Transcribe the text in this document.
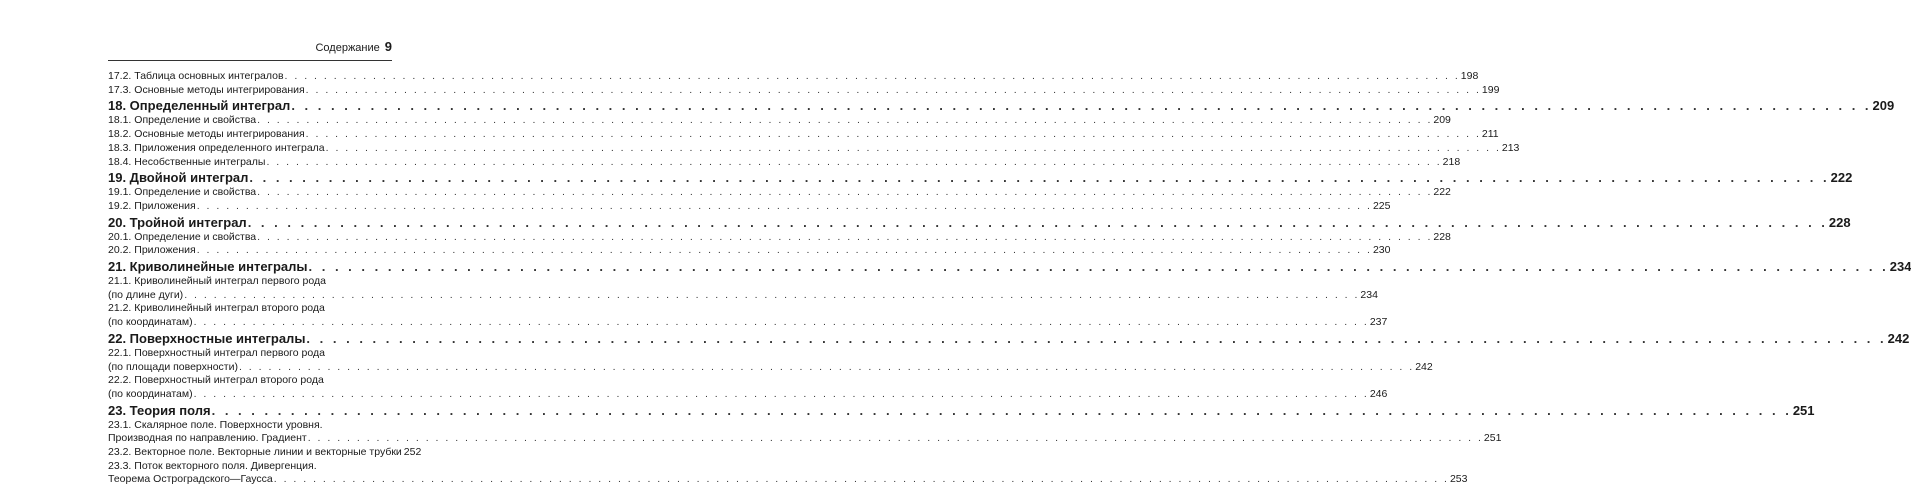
Содержание 9
17.2. Таблица основных интегралов . . . . . . . . . . . . . . . . . . . . . . . . . . . . . . . . . . . . . . . . . . . . . . . . . . . . . . . . . . . . . . . . . . . . . . . . . . . . . . . . . . . . . . . . . . . . . . . . . . . . . . . . . . . . . . . . . . . . . . . . 198
17.3. Основные методы интегрирования . . . . . . . . . . . . . . . . . . . . . . . . . . . . . . . . . . . . . . . . . . . . . . . . . . . . . . . . . . . . . . . . . . . . . . . . . . . . . . . . . . . . . . . . . . . . . . . . . . . . . . . . . . . . . . . . . . . . . . . . 199
18. Определенный интеграл . . . . . . . . . . . . . . . . . . . . . . . . . . . . . . . . . . . . . . . . . . . . . . . . . . . . . . . . . . . . . . . . . . . . . . . . . . . . . . . . . . . . . . . . . . . . . . . . . . . . . . . . . . . . . . . . . . . . . . . . 209
18.1. Определение и свойства . . . . . . . . . . . . . . . . . . . . . . . . . . . . . . . . . . . . . . . . . . . . . . . . . . . . . . . . . . . . . . . . . . . . . . . . . . . . . . . . . . . . . . . . . . . . . . . . . . . . . . . . . . . . . . . . . . . . . . . . 209
18.2. Основные методы интегрирования . . . . . . . . . . . . . . . . . . . . . . . . . . . . . . . . . . . . . . . . . . . . . . . . . . . . . . . . . . . . . . . . . . . . . . . . . . . . . . . . . . . . . . . . . . . . . . . . . . . . . . . . . . . . . . . . . . . . . . . . 211
18.3. Приложения определенного интеграла . . . . . . . . . . . . . . . . . . . . . . . . . . . . . . . . . . . . . . . . . . . . . . . . . . . . . . . . . . . . . . . . . . . . . . . . . . . . . . . . . . . . . . . . . . . . . . . . . . . . . . . . . . . . . . . . . . . . . . . . 213
18.4. Несобственные интегралы . . . . . . . . . . . . . . . . . . . . . . . . . . . . . . . . . . . . . . . . . . . . . . . . . . . . . . . . . . . . . . . . . . . . . . . . . . . . . . . . . . . . . . . . . . . . . . . . . . . . . . . . . . . . . . . . . . . . . . . . 218
19. Двойной интеграл . . . . . . . . . . . . . . . . . . . . . . . . . . . . . . . . . . . . . . . . . . . . . . . . . . . . . . . . . . . . . . . . . . . . . . . . . . . . . . . . . . . . . . . . . . . . . . . . . . . . . . . . . . . . . . . . . . . . . . . . 222
19.1. Определение и свойства . . . . . . . . . . . . . . . . . . . . . . . . . . . . . . . . . . . . . . . . . . . . . . . . . . . . . . . . . . . . . . . . . . . . . . . . . . . . . . . . . . . . . . . . . . . . . . . . . . . . . . . . . . . . . . . . . . . . . . . . 222
19.2. Приложения . . . . . . . . . . . . . . . . . . . . . . . . . . . . . . . . . . . . . . . . . . . . . . . . . . . . . . . . . . . . . . . . . . . . . . . . . . . . . . . . . . . . . . . . . . . . . . . . . . . . . . . . . . . . . . . . . . . . . . . . 225
20. Тройной интеграл . . . . . . . . . . . . . . . . . . . . . . . . . . . . . . . . . . . . . . . . . . . . . . . . . . . . . . . . . . . . . . . . . . . . . . . . . . . . . . . . . . . . . . . . . . . . . . . . . . . . . . . . . . . . . . . . . . . . . . . . 228
20.1. Определение и свойства . . . . . . . . . . . . . . . . . . . . . . . . . . . . . . . . . . . . . . . . . . . . . . . . . . . . . . . . . . . . . . . . . . . . . . . . . . . . . . . . . . . . . . . . . . . . . . . . . . . . . . . . . . . . . . . . . . . . . . . . 228
20.2. Приложения . . . . . . . . . . . . . . . . . . . . . . . . . . . . . . . . . . . . . . . . . . . . . . . . . . . . . . . . . . . . . . . . . . . . . . . . . . . . . . . . . . . . . . . . . . . . . . . . . . . . . . . . . . . . . . . . . . . . . . . . 230
21. Криволинейные интегралы . . . . . . . . . . . . . . . . . . . . . . . . . . . . . . . . . . . . . . . . . . . . . . . . . . . . . . . . . . . . . . . . . . . . . . . . . . . . . . . . . . . . . . . . . . . . . . . . . . . . . . . . . . . . . . . . . . . . . . . . 234
21.1. Криволинейный интеграл первого рода
(по длине дуги) . . . . . . . . . . . . . . . . . . . . . . . . . . . . . . . . . . . . . . . . . . . . . . . . . . . . . . . . . . . . . . . . . . . . . . . . . . . . . . . . . . . . . . . . . . . . . . . . . . . . . . . . . . . . . . . . . . . . . . . . 234
21.2. Криволинейный интеграл второго рода
(по координатам) . . . . . . . . . . . . . . . . . . . . . . . . . . . . . . . . . . . . . . . . . . . . . . . . . . . . . . . . . . . . . . . . . . . . . . . . . . . . . . . . . . . . . . . . . . . . . . . . . . . . . . . . . . . . . . . . . . . . . . . . 237
22. Поверхностные интегралы . . . . . . . . . . . . . . . . . . . . . . . . . . . . . . . . . . . . . . . . . . . . . . . . . . . . . . . . . . . . . . . . . . . . . . . . . . . . . . . . . . . . . . . . . . . . . . . . . . . . . . . . . . . . . . . . . . . . . . . . 242
22.1. Поверхностный интеграл первого рода
(по площади поверхности) . . . . . . . . . . . . . . . . . . . . . . . . . . . . . . . . . . . . . . . . . . . . . . . . . . . . . . . . . . . . . . . . . . . . . . . . . . . . . . . . . . . . . . . . . . . . . . . . . . . . . . . . . . . . . . . . . . . . . . . . 242
22.2. Поверхностный интеграл второго рода
(по координатам) . . . . . . . . . . . . . . . . . . . . . . . . . . . . . . . . . . . . . . . . . . . . . . . . . . . . . . . . . . . . . . . . . . . . . . . . . . . . . . . . . . . . . . . . . . . . . . . . . . . . . . . . . . . . . . . . . . . . . . . . 246
23. Теория поля . . . . . . . . . . . . . . . . . . . . . . . . . . . . . . . . . . . . . . . . . . . . . . . . . . . . . . . . . . . . . . . . . . . . . . . . . . . . . . . . . . . . . . . . . . . . . . . . . . . . . . . . . . . . . . . . . . . . . . . . 251
23.1. Скалярное поле. Поверхности уровня.
Производная по направлению. Градиент . . . . . . . . . . . . . . . . . . . . . . . . . . . . . . . . . . . . . . . . . . . . . . . . . . . . . . . . . . . . . . . . . . . . . . . . . . . . . . . . . . . . . . . . . . . . . . . . . . . . . . . . . . . . . . . . . . . . . . . . 251
23.2. Векторное поле. Векторные линии и векторные трубки 252
23.3. Поток векторного поля. Дивергенция.
Теорема Остроградского—Гаусса . . . . . . . . . . . . . . . . . . . . . . . . . . . . . . . . . . . . . . . . . . . . . . . . . . . . . . . . . . . . . . . . . . . . . . . . . . . . . . . . . . . . . . . . . . . . . . . . . . . . . . . . . . . . . . . . . . . . . . . . 253
